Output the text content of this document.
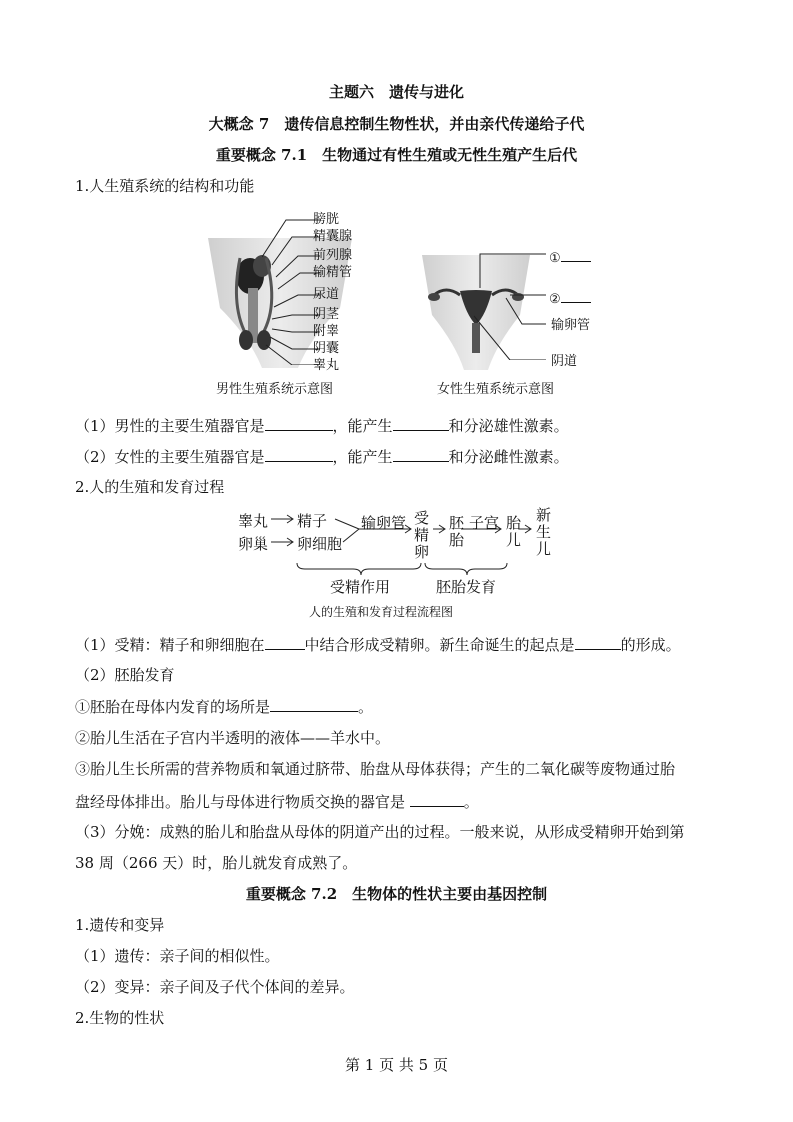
主题六　遗传与进化
大概念 7　遗传信息控制生物性状，并由亲代传递给子代
重要概念 7.1　生物通过有性生殖或无性生殖产生后代
1.人生殖系统的结构和功能
膀胱
精囊腺
前列腺
输精管
尿道
阴茎
附睾
阴囊
睾丸
男性生殖系统示意图
①
②
输卵管
阴道
女性生殖系统示意图
（1）男性的主要生殖器官是	，能产生	和分泌雄性激素。
（2）女性的主要生殖器官是	，能产生	和分泌雌性激素。
2.人的生殖和发育过程
睾丸
卵巢
精子
卵细胞
输卵管 受
精
卵
胚
胎
子宫 胎
儿
新
生
儿
受精作用	胚胎发育
人的生殖和发育过程流程图
（1）受精：精子和卵细胞在	中结合形成受精卵。新生命诞生的起点是	的形成。
（2）胚胎发育
①胚胎在母体内发育的场所是	。
②胎儿生活在子宫内半透明的液体——羊水中。
③胎儿生长所需的营养物质和氧通过脐带、胎盘从母体获得；产生的二氧化碳等废物通过胎
盘经母体排出。胎儿与母体进行物质交换的器官是	。
（3）分娩：成熟的胎儿和胎盘从母体的阴道产出的过程。一般来说，从形成受精卵开始到第
38 周（266 天）时，胎儿就发育成熟了。
重要概念 7.2　生物体的性状主要由基因控制
1.遗传和变异
（1）遗传：亲子间的相似性。
（2）变异：亲子间及子代个体间的差异。
2.生物的性状
第 1 页 共 5 页
